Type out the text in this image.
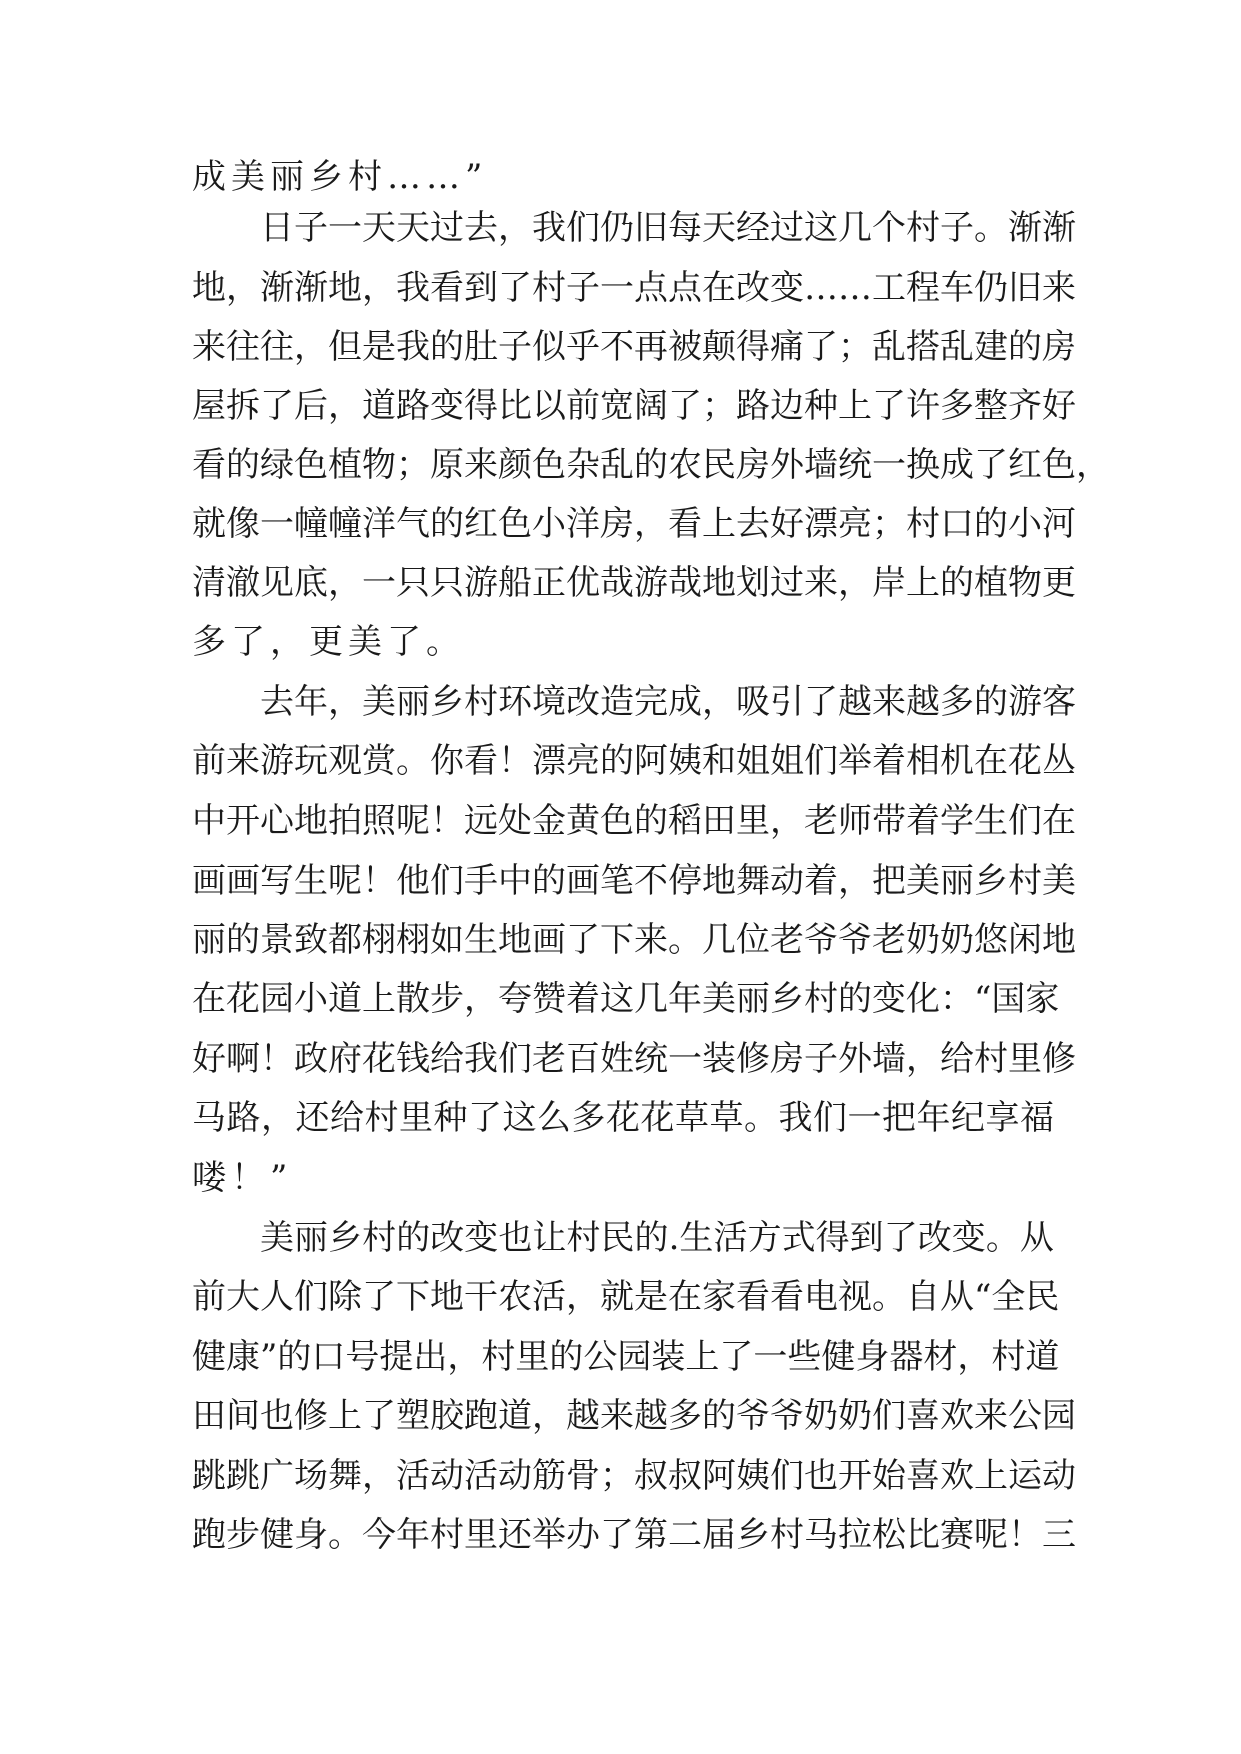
成美丽乡村……”
日 子 一 天 天 过 去 ， 我 们 仍 旧 每 天 经 过 这 几 个 村 子 。 渐 渐
地 ， 渐 渐 地 ， 我 看 到 了 村 子 一 点 点 在 改 变 … … 工 程 车 仍 旧 来
来 往 往 ， 但 是 我 的 肚 子 似 乎 不 再 被 颠 得 痛 了 ； 乱 搭 乱 建 的 房
屋 拆 了 后 ， 道 路 变 得 比 以 前 宽 阔 了 ； 路 边 种 上 了 许 多 整 齐 好
看 的 绿 色 植 物 ； 原 来 颜 色 杂 乱 的 农 民 房 外 墙 统 一 换 成 了 红 色 ，
就 像 一 幢 幢 洋 气 的 红 色 小 洋 房 ， 看 上 去 好 漂 亮 ； 村 口 的 小 河
清 澈 见 底 ， 一 只 只 游 船 正 优 哉 游 哉 地 划 过 来 ， 岸 上 的 植 物 更
多了，更美了。
去 年 ， 美 丽 乡 村 环 境 改 造 完 成 ， 吸 引 了 越 来 越 多 的 游 客
前 来 游 玩 观 赏 。 你 看 ！ 漂 亮 的 阿 姨 和 姐 姐 们 举 着 相 机 在 花 丛
中 开 心 地 拍 照 呢 ！ 远 处 金 黄 色 的 稻 田 里 ， 老 师 带 着 学 生 们 在
画 画 写 生 呢 ！ 他 们 手 中 的 画 笔 不 停 地 舞 动 着 ， 把 美 丽 乡 村 美
丽 的 景 致 都 栩 栩 如 生 地 画 了 下 来 。 几 位 老 爷 爷 老 奶 奶 悠 闲 地
在 花 园 小 道 上 散 步 ， 夸 赞 着 这 几 年 美 丽 乡 村 的 变 化 ： “ 国 家
好 啊 ！ 政 府 花 钱 给 我 们 老 百 姓 统 一 装 修 房 子 外 墙 ， 给 村 里 修
马 路 ， 还 给 村 里 种 了 这 么 多 花 花 草 草 。 我 们 一 把 年 纪 享 福
喽！”
美 丽 乡 村 的 改 变 也 让 村 民 的 . 生 活 方 式 得 到 了 改 变 。 从
前 大 人 们 除 了 下 地 干 农 活 ， 就 是 在 家 看 看 电 视 。 自 从 “ 全 民
健 康 ” 的 口 号 提 出 ， 村 里 的 公 园 装 上 了 一 些 健 身 器 材 ， 村 道
田 间 也 修 上 了 塑 胶 跑 道 ， 越 来 越 多 的 爷 爷 奶 奶 们 喜 欢 来 公 园
跳 跳 广 场 舞 ， 活 动 活 动 筋 骨 ； 叔 叔 阿 姨 们 也 开 始 喜 欢 上 运 动
跑 步 健 身 。 今 年 村 里 还 举 办 了 第 二 届 乡 村 马 拉 松 比 赛 呢 ！ 三
